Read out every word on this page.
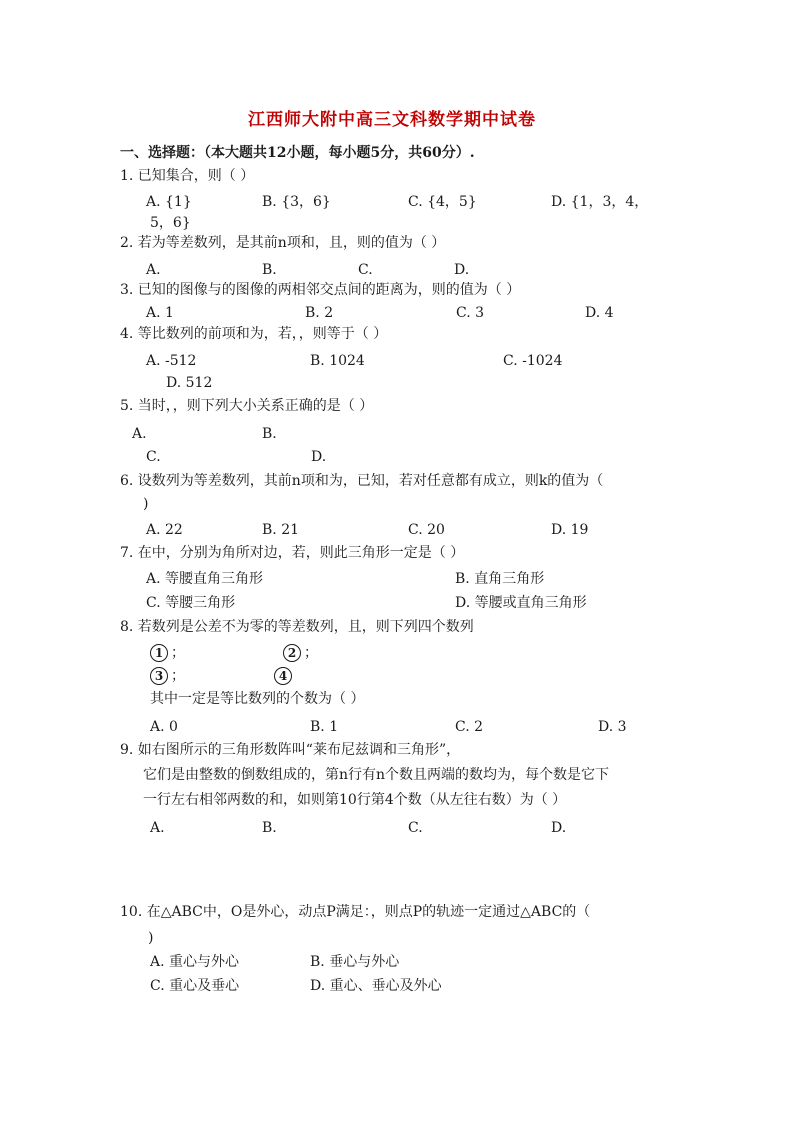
江西师大附中高三文科数学期中试卷
一、选择题：（本大题共12小题，每小题5分，共60分）.
1. 已知集合，则（ ）
A. {1}	B. {3，6}	C. {4，5}	D. {1，3，4，
5，6}
2. 若为等差数列，是其前n项和，且，则的值为（ ）
A.	B.	C.	D.
3. 已知的图像与的图像的两相邻交点间的距离为，则的值为（ ）
A. 1	B. 2	C. 3	D. 4
4. 等比数列的前项和为，若，，则等于（ ）
A. -512	B. 1024	C. -1024
D. 512
5. 当时，，则下列大小关系正确的是（ ）
A.	B.
C.	D.
6. 设数列为等差数列，其前n项和为，已知，若对任意都有成立，则k的值为（
)
A. 22	B. 21	C. 20	D. 19
7. 在中，分别为角所对边，若，则此三角形一定是（ ）
A. 等腰直角三角形	B. 直角三角形
C. 等腰三角形	D. 等腰或直角三角形
8. 若数列是公差不为零的等差数列，且，则下列四个数列
1 ；	2 ；
3 ；	4
其中一定是等比数列的个数为（ ）
A. 0	B. 1	C. 2	D. 3
9. 如右图所示的三角形数阵叫“莱布尼兹调和三角形”，
它们是由整数的倒数组成的，第n行有n个数且两端的数均为，每个数是它下
一行左右相邻两数的和，如则第10行第4个数（从左往右数）为（ ）
A.	B.	C.	D.
10. 在△ABC中，O是外心，动点P满足：，则点P的轨迹一定通过△ABC的（
)
A. 重心与外心	B. 垂心与外心
C. 重心及垂心	D. 重心、垂心及外心
